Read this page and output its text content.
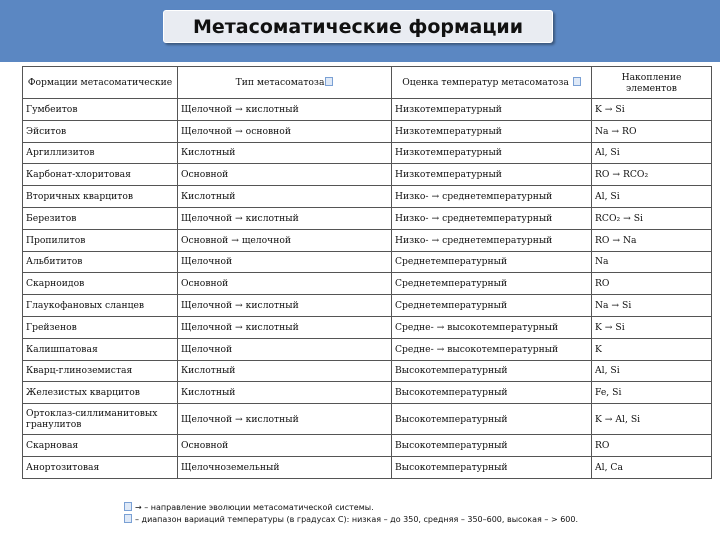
Метасоматические формации
Формации метасоматические	Тип метасоматоза	Оценка температур метасоматоза	Накопление элементов
Гумбеитов	Щелочной → кислотный	Низкотемпературный	K → Si
Эйситов	Щелочной → основной	Низкотемпературный	Na → RO
Аргиллизитов	Кислотный	Низкотемпературный	Al, Si
Карбонат-хлоритовая	Основной	Низкотемпературный	RO → RCO₂
Вторичных кварцитов	Кислотный	Низко- → среднетемпературный	Al, Si
Березитов	Щелочной → кислотный	Низко- → среднетемпературный	RCO₂ → Si
Пропилитов	Основной → щелочной	Низко- → среднетемпературный	RO → Na
Альбититов	Щелочной	Среднетемпературный	Na
Скарноидов	Основной	Среднетемпературный	RO
Глаукофановых сланцев	Щелочной → кислотный	Среднетемпературный	Na → Si
Грейзенов	Щелочной → кислотный	Средне- → высокотемпературный	K → Si
Калишпатовая	Щелочной	Средне- → высокотемпературный	K
Кварц-глиноземистая	Кислотный	Высокотемпературный	Al, Si
Железистых кварцитов	Кислотный	Высокотемпературный	Fe, Si
Ортоклаз-силлиманитовых гранулитов	Щелочной → кислотный	Высокотемпературный	K → Al, Si
Скарновая	Основной	Высокотемпературный	RO
Анортозитовая	Щелочноземельный	Высокотемпературный	Al, Ca
→ – направление эволюции метасоматической системы.
– диапазон вариаций температуры (в градусах С): низкая – до 350, средняя – 350–600, высокая – > 600.
